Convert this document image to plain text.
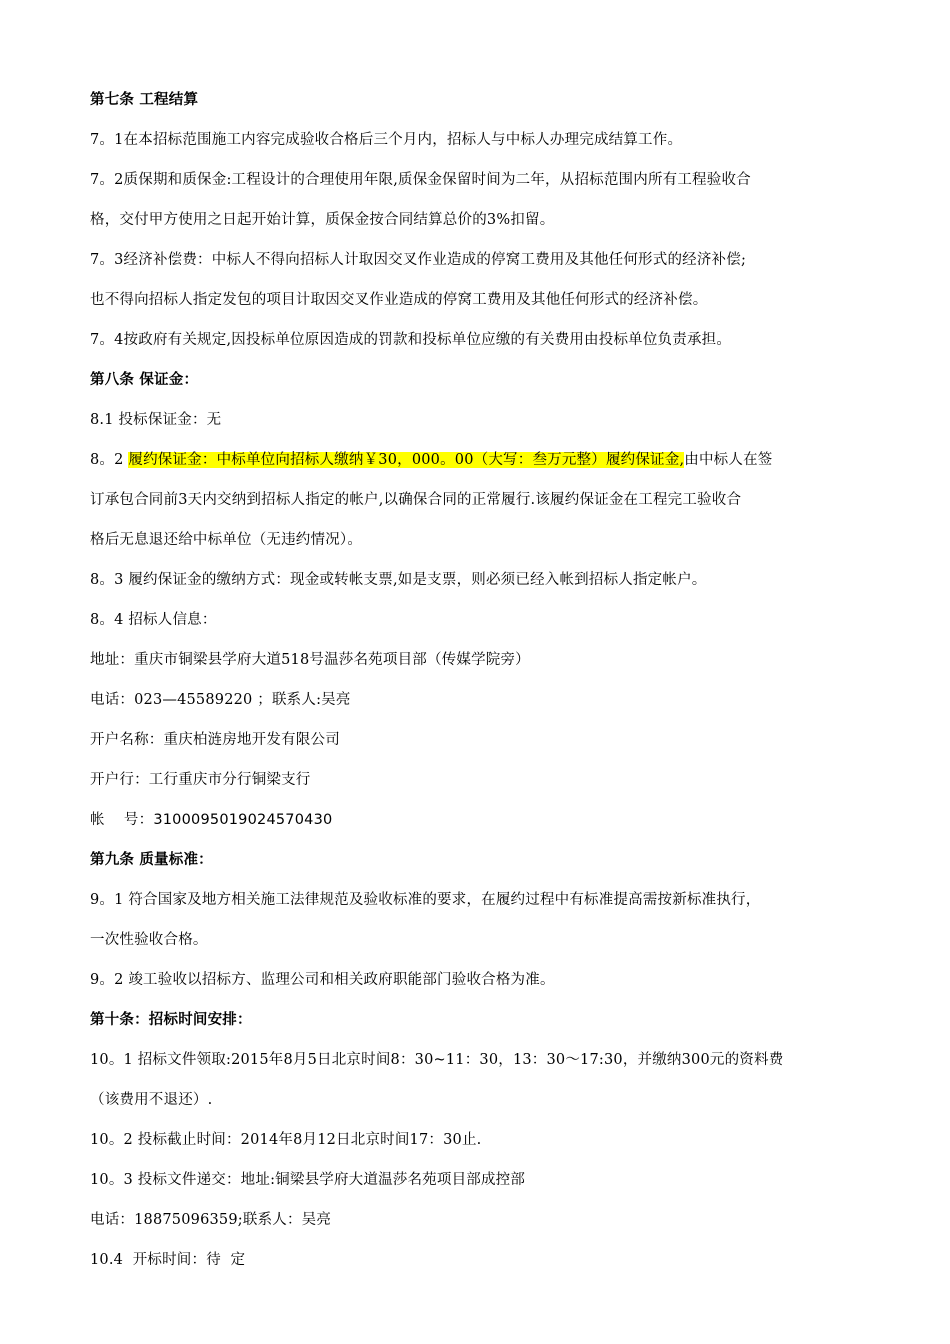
第七条 工程结算
7。1在本招标范围施工内容完成验收合格后三个月内，招标人与中标人办理完成结算工作。
7。2质保期和质保金:工程设计的合理使用年限,质保金保留时间为二年，从招标范围内所有工程验收合
格，交付甲方使用之日起开始计算，质保金按合同结算总价的3%扣留。
7。3经济补偿费：中标人不得向招标人计取因交叉作业造成的停窝工费用及其他任何形式的经济补偿;
也不得向招标人指定发包的项目计取因交叉作业造成的停窝工费用及其他任何形式的经济补偿。
7。4按政府有关规定,因投标单位原因造成的罚款和投标单位应缴的有关费用由投标单位负责承担。
第八条 保证金：
8.1 投标保证金：无
8。2 履约保证金：中标单位向招标人缴纳￥30，000。00（大写：叁万元整）履约保证金,由中标人在签
订承包合同前3天内交纳到招标人指定的帐户,以确保合同的正常履行.该履约保证金在工程完工验收合
格后无息退还给中标单位（无违约情况）。
8。3 履约保证金的缴纳方式：现金或转帐支票,如是支票，则必须已经入帐到招标人指定帐户。
8。4 招标人信息：
地址：重庆市铜梁县学府大道518号温莎名苑项目部（传媒学院旁）
电话：023—45589220 ；联系人:吴亮
开户名称：重庆柏涟房地开发有限公司
开户行：工行重庆市分行铜梁支行
帐    号：3100095019024570430
第九条 质量标准：
9。1 符合国家及地方相关施工法律规范及验收标准的要求，在履约过程中有标准提高需按新标准执行，
一次性验收合格。
9。2 竣工验收以招标方、监理公司和相关政府职能部门验收合格为准。
第十条：招标时间安排：
10。1 招标文件领取:2015年8月5日北京时间8：30~11：30，13：30～17:30，并缴纳300元的资料费
（该费用不退还）.
10。2 投标截止时间：2014年8月12日北京时间17：30止.
10。3 投标文件递交：地址:铜梁县学府大道温莎名苑项目部成控部
电话：18875096359;联系人：吴亮
10.4  开标时间：待  定
